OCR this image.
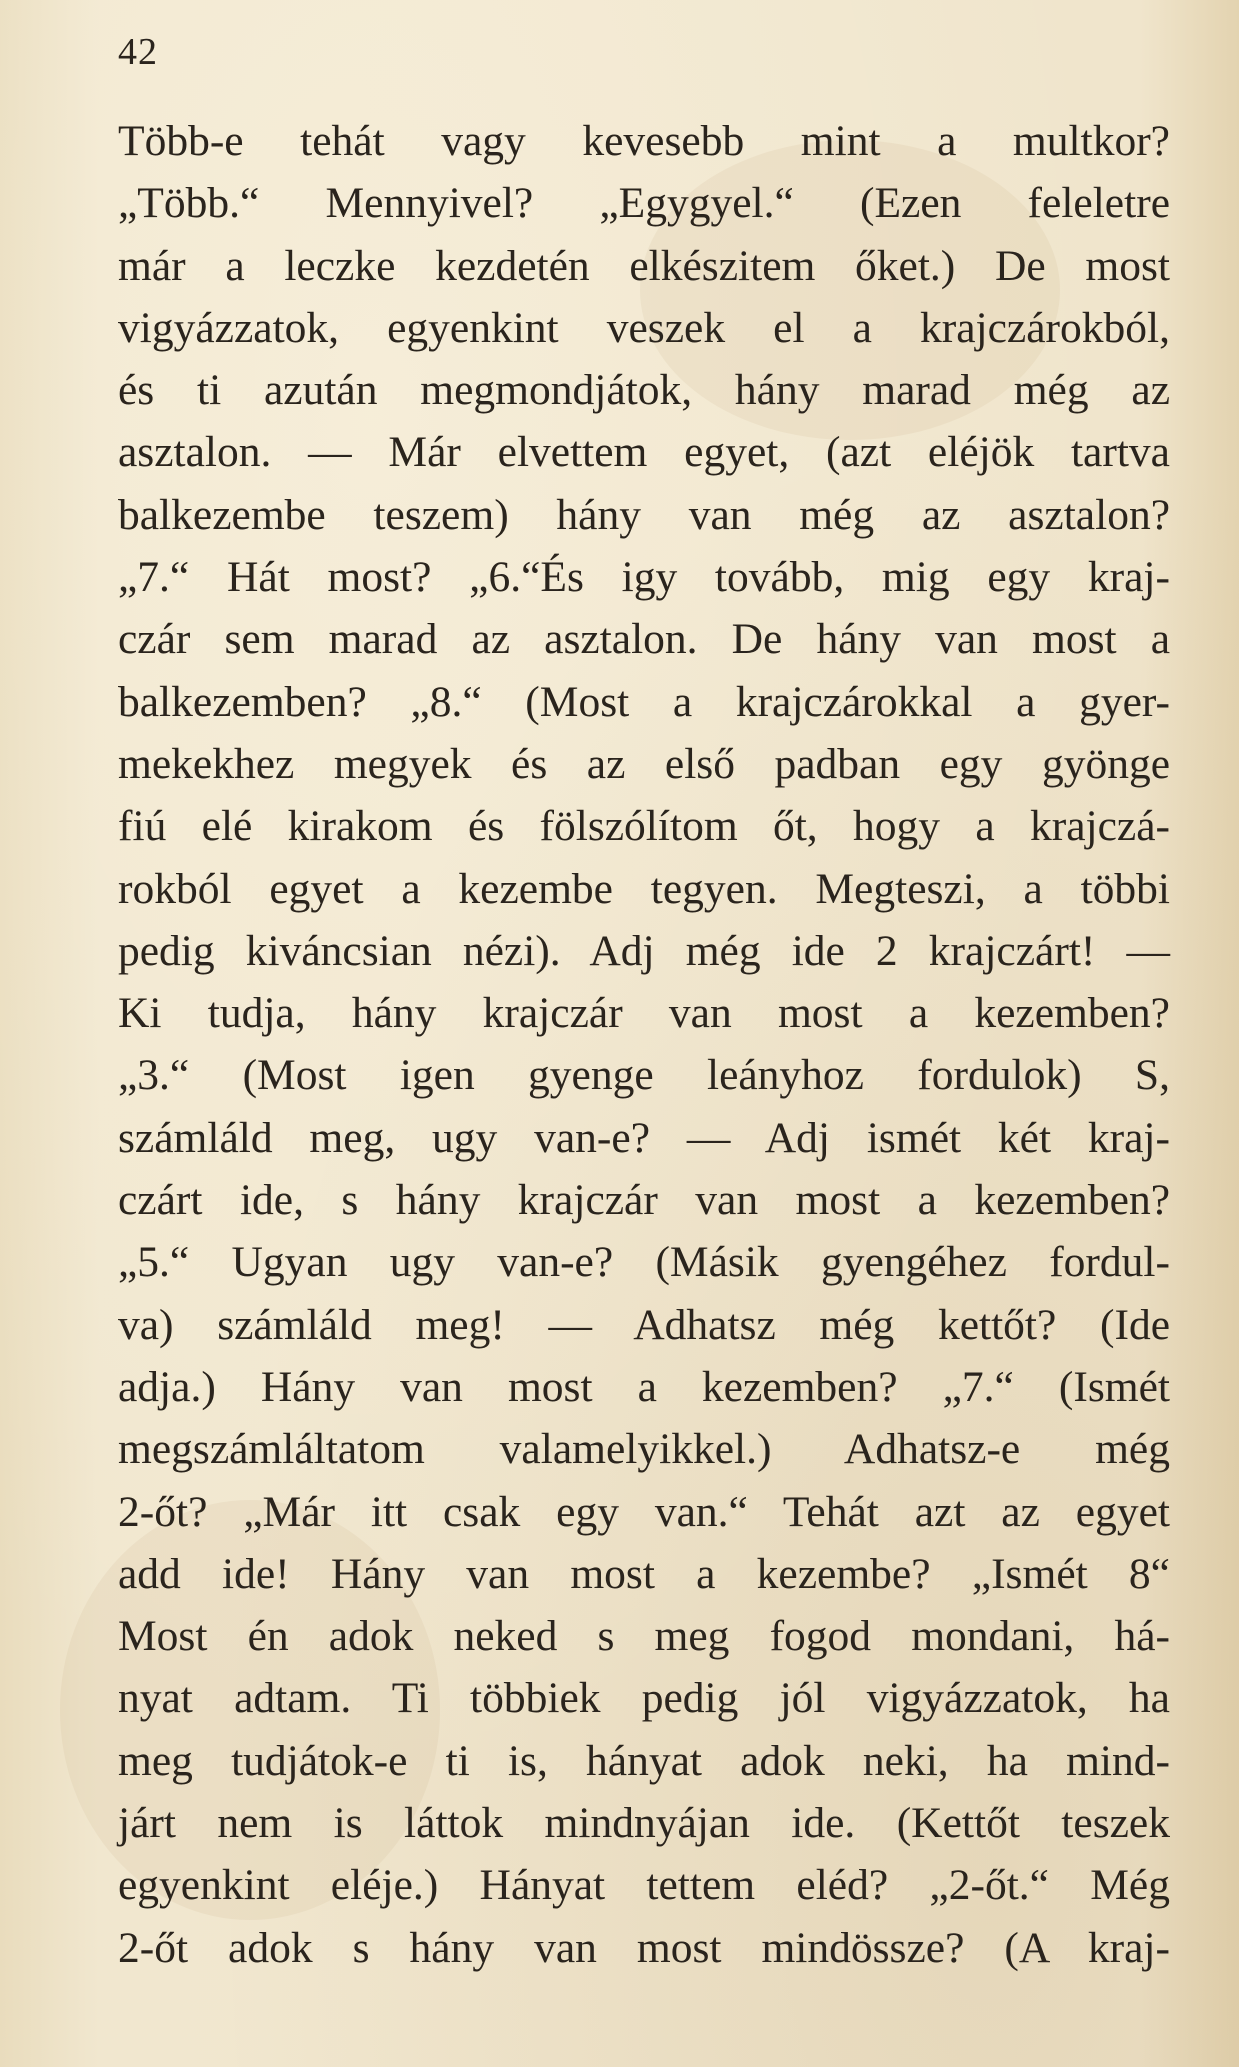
42
Több-e tehát vagy kevesebb mint a multkor?
„Több.“ Mennyivel? „Egygyel.“ (Ezen feleletre
már a leczke kezdetén elkészitem őket.) De most
vigyázzatok, egyenkint veszek el a krajczárokból,
és ti azután megmondjátok, hány marad még az
asztalon. — Már elvettem egyet, (azt eléjök tartva
balkezembe teszem) hány van még az asztalon?
„7.“ Hát most? „6.“És igy tovább, mig egy kraj-
czár sem marad az asztalon. De hány van most a
balkezemben? „8.“ (Most a krajczárokkal a gyer-
mekekhez megyek és az első padban egy gyönge
fiú elé kirakom és fölszólítom őt, hogy a krajczá-
rokból egyet a kezembe tegyen. Megteszi, a többi
pedig kiváncsian nézi). Adj még ide 2 krajczárt! —
Ki tudja, hány krajczár van most a kezemben?
„3.“ (Most igen gyenge leányhoz fordulok) S,
számláld meg, ugy van-e? — Adj ismét két kraj-
czárt ide, s hány krajczár van most a kezemben?
„5.“ Ugyan ugy van-e? (Másik gyengéhez fordul-
va) számláld meg! — Adhatsz még kettőt? (Ide
adja.) Hány van most a kezemben? „7.“ (Ismét
megszámláltatom valamelyikkel.) Adhatsz-e még
2-őt? „Már itt csak egy van.“ Tehát azt az egyet
add ide! Hány van most a kezembe? „Ismét 8“
Most én adok neked s meg fogod mondani, há-
nyat adtam. Ti többiek pedig jól vigyázzatok, ha
meg tudjátok-e ti is, hányat adok neki, ha mind-
járt nem is láttok mindnyájan ide. (Kettőt teszek
egyenkint eléje.) Hányat tettem eléd? „2-őt.“ Még
2-őt adok s hány van most mindössze? (A kraj-
